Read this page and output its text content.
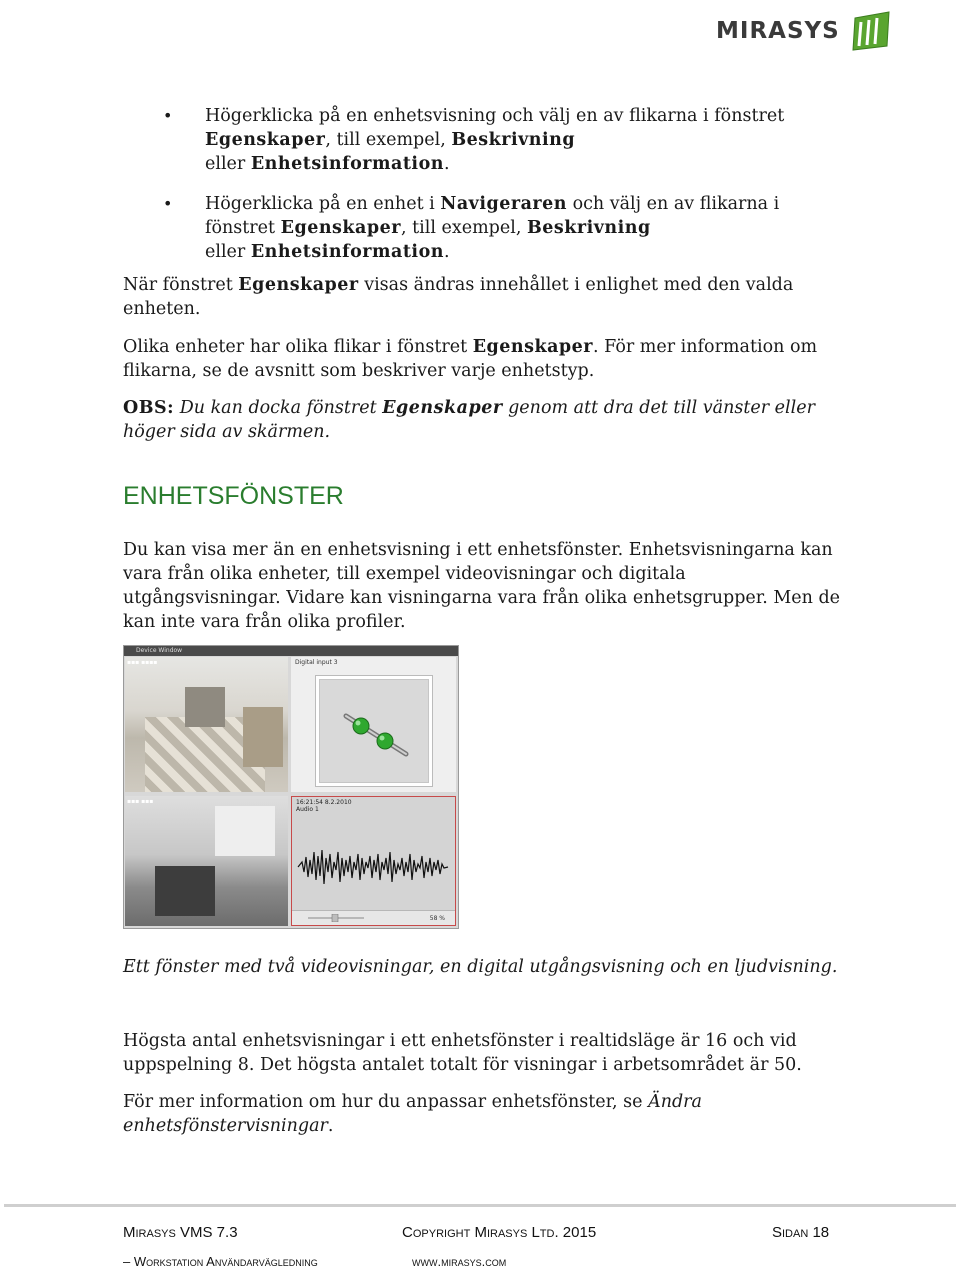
MIRASYS
• Högerklicka på en enhetsvisning och välj en av flikarna i fönstret Egenskaper, till exempel, Beskrivning
eller Enhetsinformation.
• Högerklicka på en enhet i Navigeraren och välj en av flikarna i fönstret Egenskaper, till exempel, Beskrivning
eller Enhetsinformation.

När fönstret Egenskaper visas ändras innehållet i enlighet med den valda enheten.

Olika enheter har olika flikar i fönstret Egenskaper. För mer information om flikarna, se de avsnitt som beskriver varje enhetstyp.

OBS: Du kan docka fönstret Egenskaper genom att dra det till vänster eller höger sida av skärmen.

ENHETSFÖNSTER

Du kan visa mer än en enhetsvisning i ett enhetsfönster. Enhetsvisningarna kan vara från olika enheter, till exempel videovisningar och digitala utgångsvisningar. Vidare kan visningarna vara från olika enhetsgrupper. Men de kan inte vara från olika profiler.

Ett fönster med två videovisningar, en digital utgångsvisning och en ljudvisning.

Högsta antal enhetsvisningar i ett enhetsfönster i realtidsläge är 16 och vid uppspelning 8. Det högsta antalet totalt för visningar i arbetsområdet är 50.

För mer information om hur du anpassar enhetsfönster, se Ändra enhetsfönstervisningar.

Device Window
▪▪▪ ▪▪▪▪	Digital input 3
▪▪▪ ▪▪▪	16:21:54 8.2.2010
Audio 1
58 %
Mirasys VMS 7.3	Copyright Mirasys Ltd. 2015	Sidan 18
– Workstation Användarvägledning	www.mirasys.com
